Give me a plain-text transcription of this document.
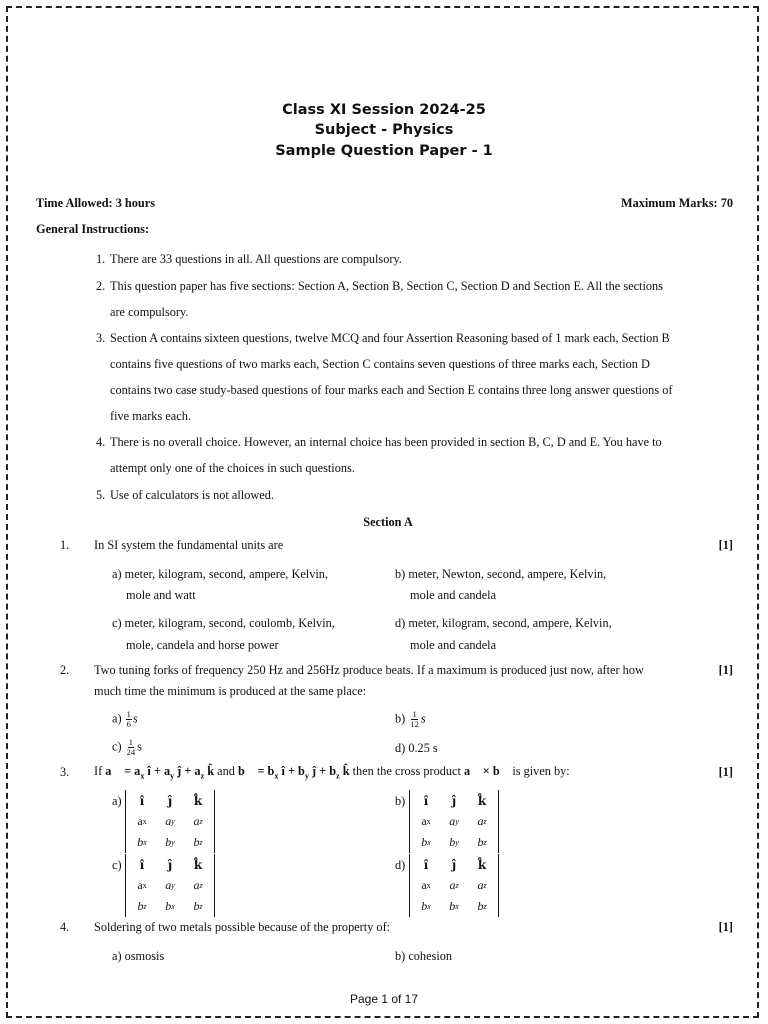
Class XI Session 2024-25
Subject - Physics
Sample Question Paper - 1
Time Allowed: 3 hours	Maximum Marks: 70
General Instructions:
1. There are 33 questions in all. All questions are compulsory.
2. This question paper has five sections: Section A, Section B, Section C, Section D and Section E. All the sections
are compulsory.
3. Section A contains sixteen questions, twelve MCQ and four Assertion Reasoning based of 1 mark each, Section B
contains five questions of two marks each, Section C contains seven questions of three marks each, Section D
contains two case study-based questions of four marks each and Section E contains three long answer questions of
five marks each.
4. There is no overall choice. However, an internal choice has been provided in section B, C, D and E. You have to
attempt only one of the choices in such questions.
5. Use of calculators is not allowed.
Section A
1. In SI system the fundamental units are	[1]
a) meter, kilogram, second, ampere, Kelvin,
mole and watt
b) meter, Newton, second, ampere, Kelvin,
mole and candela
c) meter, kilogram, second, coulomb, Kelvin,
mole, candela and horse power
d) meter, kilogram, second, ampere, Kelvin,
mole and candela
2. Two tuning forks of frequency 250 Hz and 256Hz produce beats. If a maximum is produced just now, after how	[1]
much time the minimum is produced at the same place:
$a) \frac{1}{6}$ s	$b) \frac{1}{12}$ s
$c) \frac{1}{24}$ s	d) 0.25 s
3. If a⃗ = $a_x$ î + $a_y$ ĵ + $a_z$ k̂ and b⃗ = $b_x$ î + $b_y$ ĵ + $b_z$ k̂ then the cross product a⃗ × b⃗ is given by:	[1]
a)	î	ĵ	k̂
a x	a y	a z
b x	b y	b z
b)	î	ĵ	k̂
a x	a y	a z
b x	b y	b z
c)	î	ĵ	k̂
a x	a y	a z
b z	b x	b z
d)	î	ĵ	k̂
a x	a z	a z
b x	b x	b z
4. Soldering of two metals possible because of the property of:	[1]
a) osmosis	b) cohesion
Page 1 of 17
